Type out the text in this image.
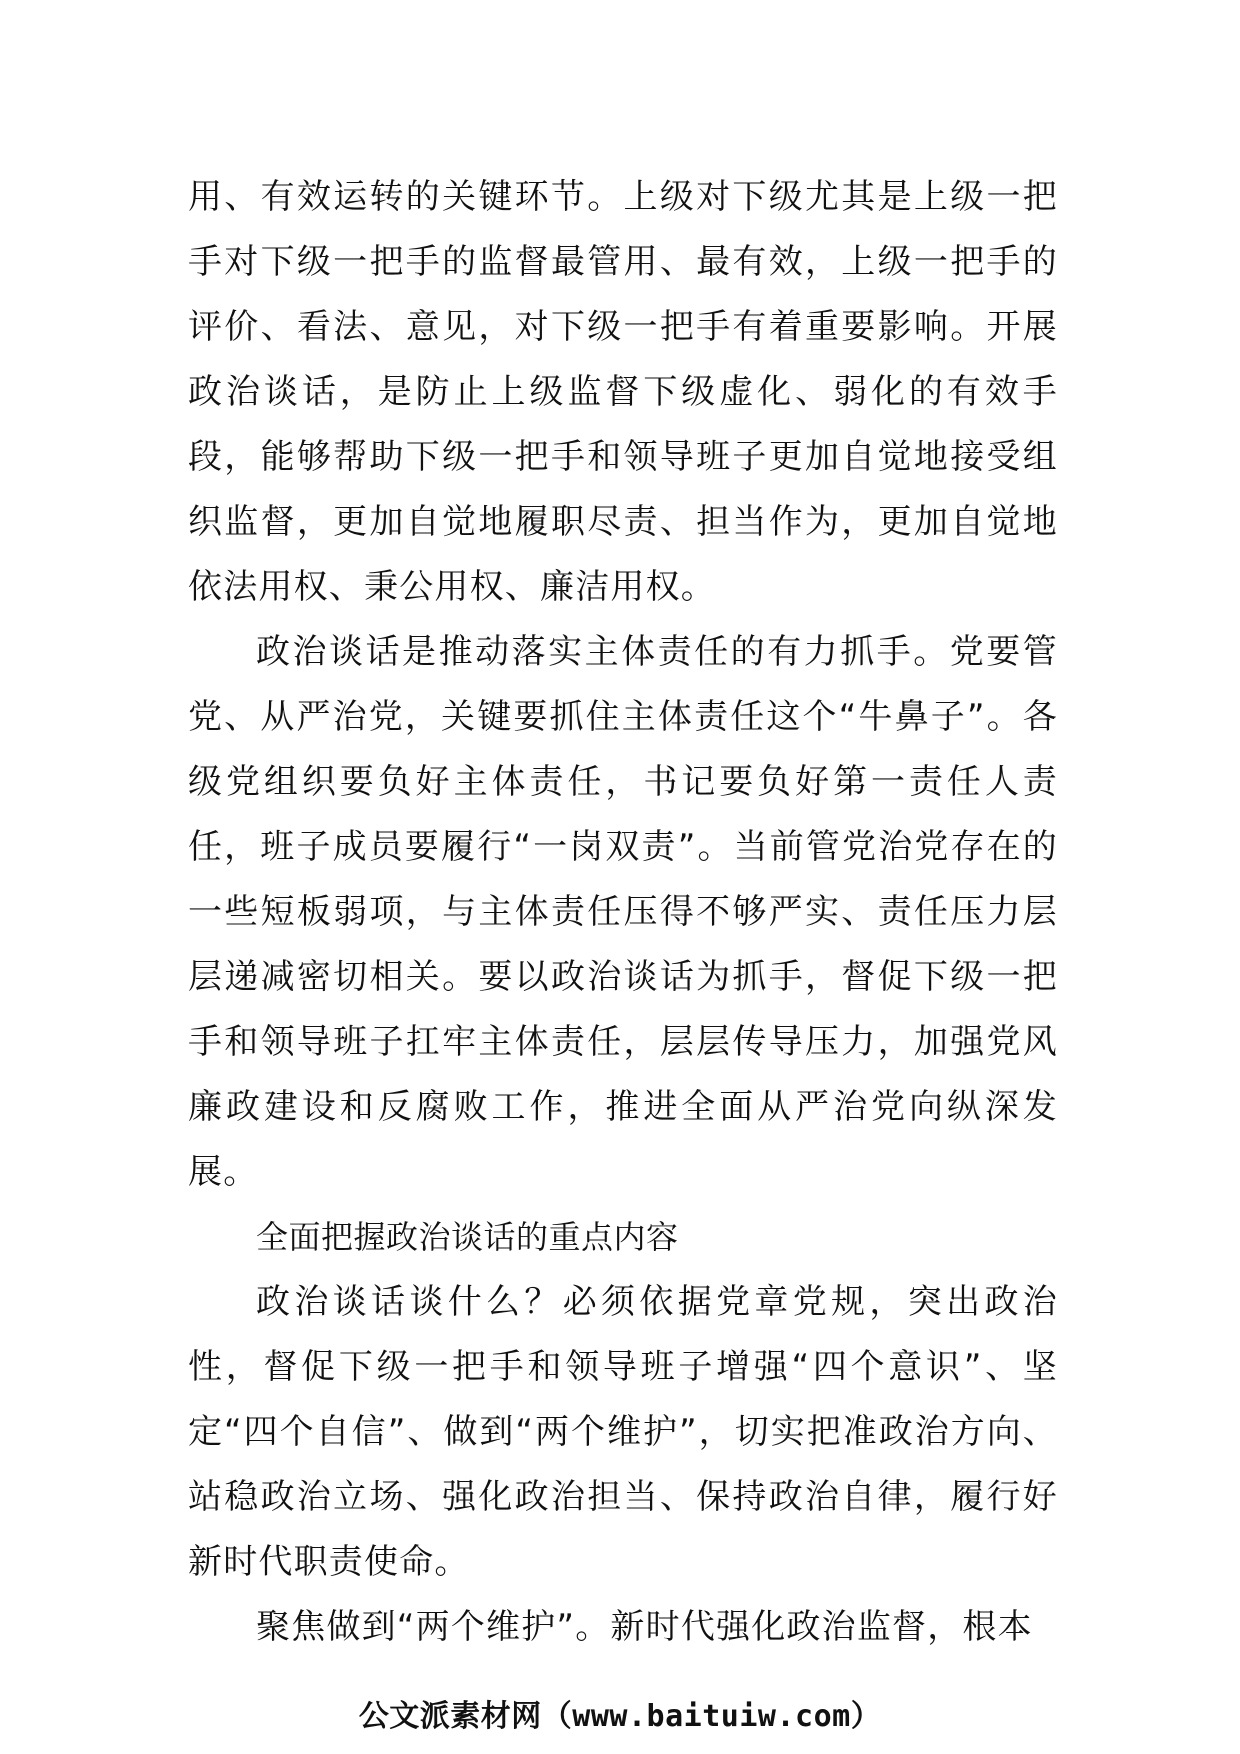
用、有效运转的关键环节。上级对下级尤其是上级一把手对下级一把手的监督最管用、最有效，上级一把手的评价、看法、意见，对下级一把手有着重要影响。开展政治谈话，是防止上级监督下级虚化、弱化的有效手段，能够帮助下级一把手和领导班子更加自觉地接受组织监督，更加自觉地履职尽责、担当作为，更加自觉地依法用权、秉公用权、廉洁用权。

政治谈话是推动落实主体责任的有力抓手。党要管党、从严治党，关键要抓住主体责任这个“牛鼻子”。各级党组织要负好主体责任，书记要负好第一责任人责任，班子成员要履行“一岗双责”。当前管党治党存在的一些短板弱项，与主体责任压得不够严实、责任压力层层递减密切相关。要以政治谈话为抓手，督促下级一把手和领导班子扛牢主体责任，层层传导压力，加强党风廉政建设和反腐败工作，推进全面从严治党向纵深发展。

全面把握政治谈话的重点内容

政治谈话谈什么？必须依据党章党规，突出政治性，督促下级一把手和领导班子增强“四个意识”、坚定“四个自信”、做到“两个维护”，切实把准政治方向、站稳政治立场、强化政治担当、保持政治自律，履行好新时代职责使命。

聚焦做到“两个维护”。新时代强化政治监督，根本

公文派素材网（www.baituiw.com）
